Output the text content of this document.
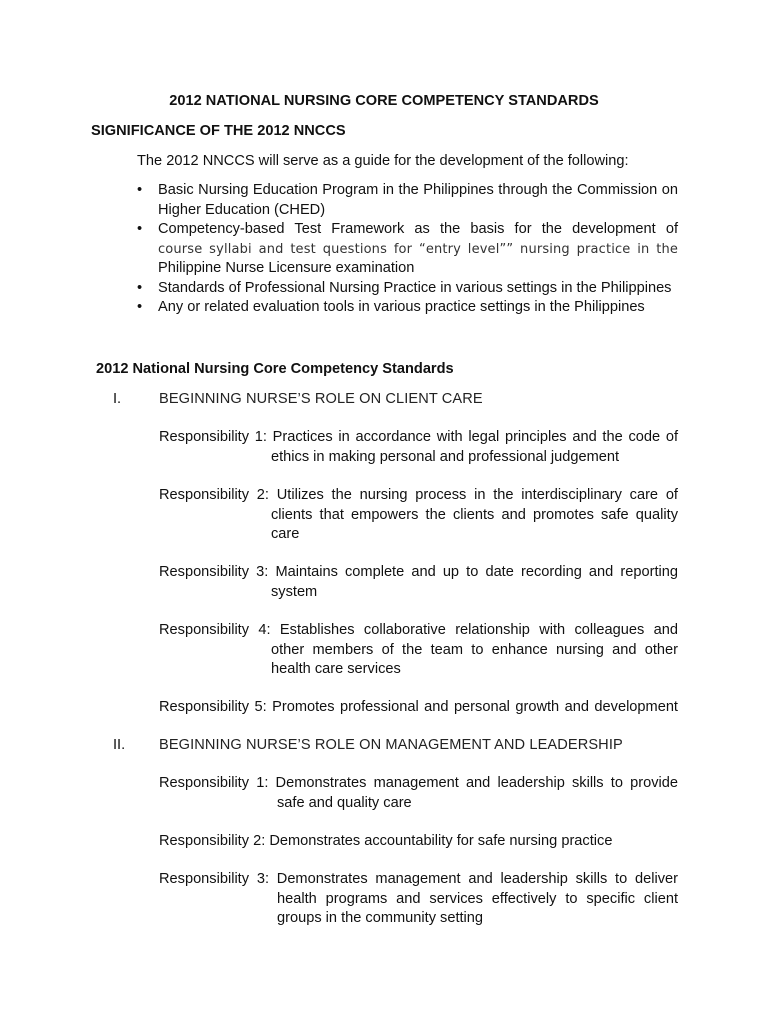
2012 NATIONAL NURSING CORE COMPETENCY STANDARDS
SIGNIFICANCE OF THE 2012 NNCCS
The 2012 NNCCS will serve as a guide for the development of the following:
• Basic Nursing Education Program in the Philippines through the Commission on Higher Education (CHED)
• Competency-based Test Framework as the basis for the development of
course syllabi and test questions for “entry level”” nursing practice in the
Philippine Nurse Licensure examination
• Standards of Professional Nursing Practice in various settings in the Philippines
• Any or related evaluation tools in various practice settings in the Philippines
2012 National Nursing Core Competency Standards
I.	BEGINNING NURSE’S ROLE ON CLIENT CARE
Responsibility 1: Practices in accordance with legal principles and the code of
ethics in making personal and professional judgement
Responsibility 2: Utilizes the nursing process in the interdisciplinary care of
clients that empowers the clients and promotes safe quality care
Responsibility 3: Maintains complete and up to date recording and reporting
system
Responsibility 4: Establishes collaborative relationship with colleagues and
other members of the team to enhance nursing and other health care services
Responsibility 5: Promotes professional and personal growth and development
II. BEGINNING NURSE’S ROLE ON MANAGEMENT AND LEADERSHIP
Responsibility 1: Demonstrates management and leadership skills to provide
safe and quality care
Responsibility 2: Demonstrates accountability for safe nursing practice
Responsibility 3: Demonstrates management and leadership skills to deliver
health programs and services effectively to specific client groups in the community setting
